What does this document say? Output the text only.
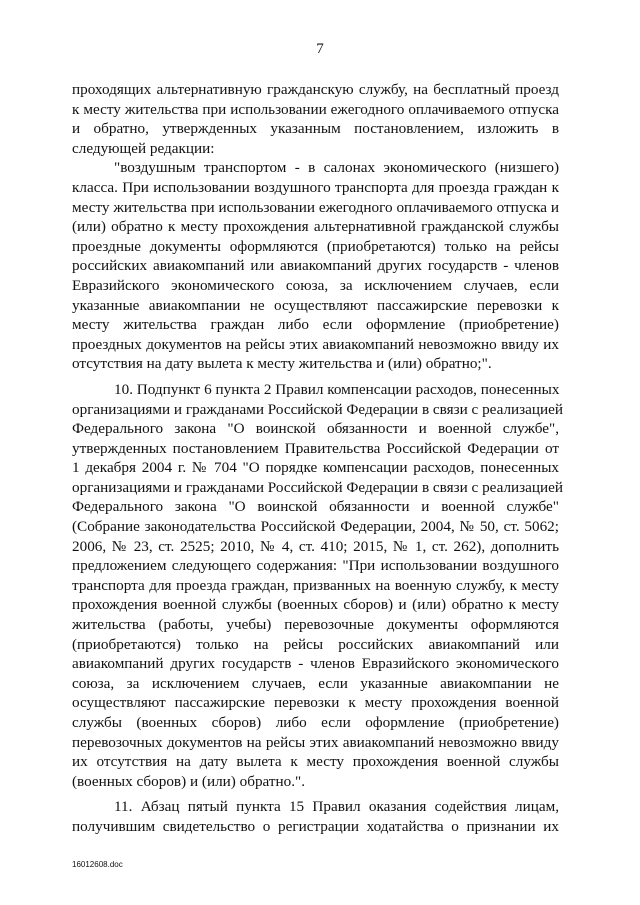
7
проходящих альтернативную гражданскую службу, на бесплатный проезд
к месту жительства при использовании ежегодного оплачиваемого отпуска
и обратно, утвержденных указанным постановлением, изложить в
следующей редакции:
"воздушным транспортом - в салонах экономического (низшего)
класса. При использовании воздушного транспорта для проезда граждан к
месту жительства при использовании ежегодного оплачиваемого отпуска и
(или) обратно к месту прохождения альтернативной гражданской службы
проездные документы оформляются (приобретаются) только на рейсы
российских авиакомпаний или авиакомпаний других государств - членов
Евразийского экономического союза, за исключением случаев, если
указанные авиакомпании не осуществляют пассажирские перевозки к
месту жительства граждан либо если оформление (приобретение)
проездных документов на рейсы этих авиакомпаний невозможно ввиду их
отсутствия на дату вылета к месту жительства и (или) обратно;".
10. Подпункт 6 пункта 2 Правил компенсации расходов, понесенных
организациями и гражданами Российской Федерации в связи с реализацией
Федерального закона "О воинской обязанности и военной службе",
утвержденных постановлением Правительства Российской Федерации от
1 декабря 2004 г. № 704 "О порядке компенсации расходов, понесенных
организациями и гражданами Российской Федерации в связи с реализацией
Федерального закона "О воинской обязанности и военной службе"
(Собрание законодательства Российской Федерации, 2004, № 50, ст. 5062;
2006, № 23, ст. 2525; 2010, № 4, ст. 410; 2015, № 1, ст. 262), дополнить
предложением следующего содержания: "При использовании воздушного
транспорта для проезда граждан, призванных на военную службу, к месту
прохождения военной службы (военных сборов) и (или) обратно к месту
жительства (работы, учебы) перевозочные документы оформляются
(приобретаются) только на рейсы российских авиакомпаний или
авиакомпаний других государств - членов Евразийского экономического
союза, за исключением случаев, если указанные авиакомпании не
осуществляют пассажирские перевозки к месту прохождения военной
службы (военных сборов) либо если оформление (приобретение)
перевозочных документов на рейсы этих авиакомпаний невозможно ввиду
их отсутствия на дату вылета к месту прохождения военной службы
(военных сборов) и (или) обратно.".
11. Абзац пятый пункта 15 Правил оказания содействия лицам,
получившим свидетельство о регистрации ходатайства о признании их
16012608.doc
